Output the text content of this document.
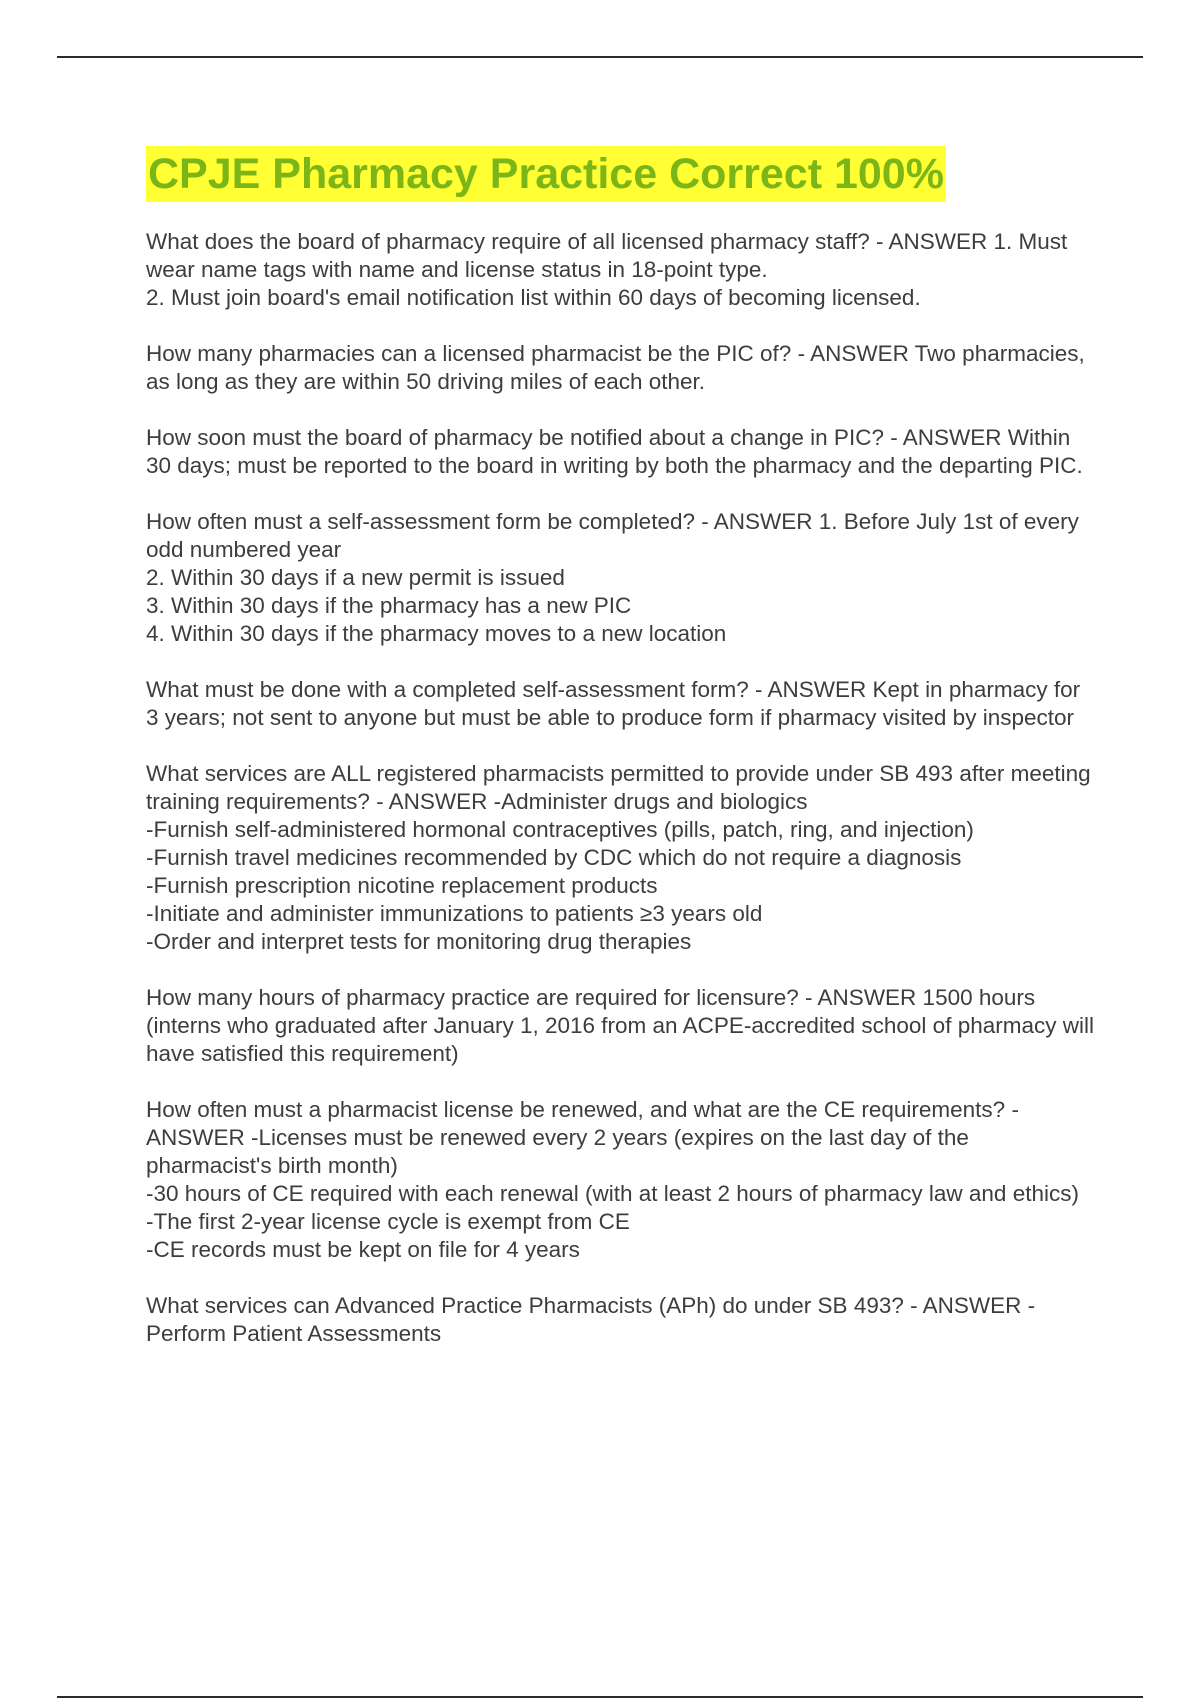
CPJE Pharmacy Practice Correct 100%

What does the board of pharmacy require of all licensed pharmacy staff? - ANSWER 1. Must wear name tags with name and license status in 18-point type.

2. Must join board's email notification list within 60 days of becoming licensed.

How many pharmacies can a licensed pharmacist be the PIC of? - ANSWER Two pharmacies, as long as they are within 50 driving miles of each other.

How soon must the board of pharmacy be notified about a change in PIC? - ANSWER Within 30 days; must be reported to the board in writing by both the pharmacy and the departing PIC.

How often must a self-assessment form be completed? - ANSWER 1. Before July 1st of every odd numbered year

2. Within 30 days if a new permit is issued

3. Within 30 days if the pharmacy has a new PIC

4. Within 30 days if the pharmacy moves to a new location

What must be done with a completed self-assessment form? - ANSWER Kept in pharmacy for 3 years; not sent to anyone but must be able to produce form if pharmacy visited by inspector

What services are ALL registered pharmacists permitted to provide under SB 493 after meeting training requirements? - ANSWER -Administer drugs and biologics

-Furnish self-administered hormonal contraceptives (pills, patch, ring, and injection)

-Furnish travel medicines recommended by CDC which do not require a diagnosis

-Furnish prescription nicotine replacement products

-Initiate and administer immunizations to patients ≥3 years old

-Order and interpret tests for monitoring drug therapies

How many hours of pharmacy practice are required for licensure? - ANSWER 1500 hours (interns who graduated after January 1, 2016 from an ACPE-accredited school of pharmacy will have satisfied this requirement)

How often must a pharmacist license be renewed, and what are the CE requirements? - ANSWER -Licenses must be renewed every 2 years (expires on the last day of the pharmacist's birth month)

-30 hours of CE required with each renewal (with at least 2 hours of pharmacy law and ethics)

-The first 2-year license cycle is exempt from CE

-CE records must be kept on file for 4 years

What services can Advanced Practice Pharmacists (APh) do under SB 493? - ANSWER -Perform Patient Assessments
